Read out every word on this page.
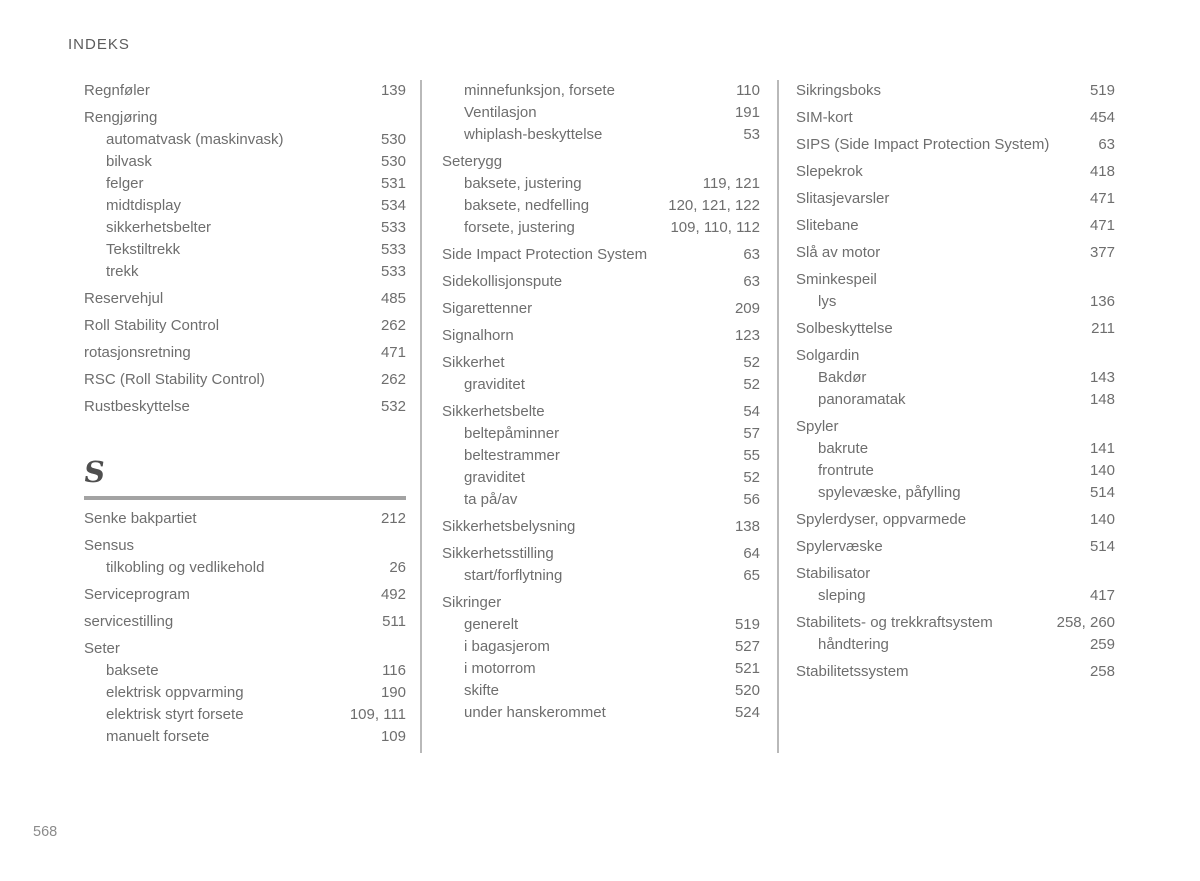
INDEKS
Regnføler	139
Rengjøring
automatvask (maskinvask)	530
bilvask	530
felger	531
midtdisplay	534
sikkerhetsbelter	533
Tekstiltrekk	533
trekk	533
Reservehjul	485
Roll Stability Control	262
rotasjonsretning	471
RSC (Roll Stability Control)	262
Rustbeskyttelse	532
S
Senke bakpartiet	212
Sensus
tilkobling og vedlikehold	26
Serviceprogram	492
servicestilling	511
Seter
baksete	116
elektrisk oppvarming	190
elektrisk styrt forsete	109, 111
manuelt forsete	109
minnefunksjon, forsete	110
Ventilasjon	191
whiplash-beskyttelse	53
Seterygg
baksete, justering	119, 121
baksete, nedfelling	120, 121, 122
forsete, justering	109, 110, 112
Side Impact Protection System	63
Sidekollisjonspute	63
Sigarettenner	209
Signalhorn	123
Sikkerhet	52
graviditet	52
Sikkerhetsbelte	54
beltepåminner	57
beltestrammer	55
graviditet	52
ta på/av	56
Sikkerhetsbelysning	138
Sikkerhetsstilling	64
start/forflytning	65
Sikringer
generelt	519
i bagasjerom	527
i motorrom	521
skifte	520
under hanskerommet	524
Sikringsboks	519
SIM-kort	454
SIPS (Side Impact Protection System)	63
Slepekrok	418
Slitasjevarsler	471
Slitebane	471
Slå av motor	377
Sminkespeil
lys	136
Solbeskyttelse	211
Solgardin
Bakdør	143
panoramatak	148
Spyler
bakrute	141
frontrute	140
spylevæske, påfylling	514
Spylerdyser, oppvarmede	140
Spylervæske	514
Stabilisator
sleping	417
Stabilitets- og trekkraftsystem	258, 260
håndtering	259
Stabilitetssystem	258
568
